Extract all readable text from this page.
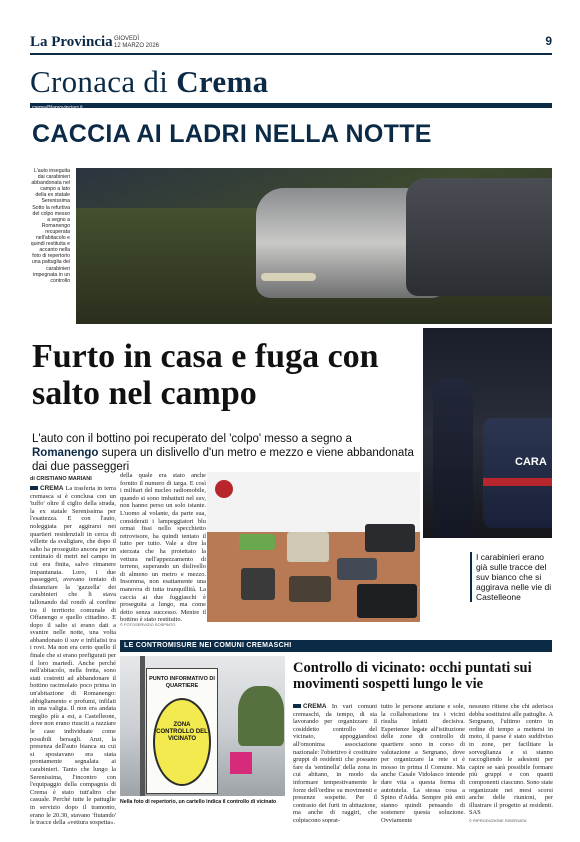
La Provincia GIOVEDÌ
12 MARZO 2026	9
Cronaca di Crema
crema@laprovinciacr.it
CACCIA AI LADRI NELLA NOTTE
L'auto inseguita dai carabinieri abbandonata nel campo a lato della ex statale Serenissima Sotto la refurtiva del colpo messo a segno a Romanengo recuperata nell'abitacolo e quindi restituita e accanto nella foto di repertorio una pattuglia dei carabinieri impegnata in un controllo
CARA
Furto in casa e fuga con salto nel campo
L'auto con il bottino poi recuperato del 'colpo' messo a segno a Romanengo supera un dislivello d'un metro e mezzo e viene abbandonata dai due passeggeri
di CRISTIANO MARIANI
CREMA La trasferta in terra cremasca si è conclusa con un 'tuffo' oltre il ciglio della strada, la ex statale Serenissima per l'esattezza. E con l'auto, noleggiata per aggirarsi nei quartieri residenziali in cerca di villette da svaligiare, che dopo il salto ha proseguito ancora per un centinaio di metri nel campo in cui era finita, salvo rimanere impantanata. Loro, i due passeggeri, avevano tentato di distanziare la 'gazzella' dei carabinieri che li stava tallonando dal rondò al confine tra il territorio comunale di Offanengo e quello cittadino. E dopo il salto si erano dati a svanire nelle notte, una volta abbandonato il suv e infilatisi tra i rovi. Ma non era certo quello il finale che si erano prefigurati per il loro martedì. Anche perché nell'abitacolo, nella fretta, sono stati costretti ad abbandonare il bottino racimolato poco prima in un'abitazione di Romanengo: abbigliamento e profumi, infilati in una valigia. Il non era andata meglio più a est, a Castelleone, dove non erano riusciti a razziare le case individuate come possibili bersagli. Anzi, la presenza dell'auto bianca su cui si spostavano era stata prontamente segnalata ai carabinieri. Tanto che lungo la Serenissima, l'incontro con l'equipaggio della compagnia di Crema è stato tutt'altro che casuale. Perché tutte le pattuglie in servizio dopo il tramonto, erano le 20.30, stavano 'fiutando' le tracce della «vettura sospetta».
della quale era stato anche fornito il numero di targa. E così i militari del nucleo radiomobile, quando si sono imbattuti nel suv, non hanno perso un solo istante. L'uomo al volante, da parte sua, considerati i lampeggiatori blu ormai fissi nello specchietto retrovisore, ha quindi tentato il tutto per tutto. Vale a dire la sterzata che ha proiettato la vettura nell'appezzamento di terreno, superando un dislivello di almeno un metro e mezzo. Insomma, non esattamente una manovra di tutta tranquillità. La caccia ai due fuggiaschi è proseguita a lungo, ma come detto senza successo. Mentre il bottino è stato restituito.
© FOTOSERVIZIO SOSPINTO
I carabinieri erano già sulle tracce del suv bianco che si aggirava nelle vie di Castelleone
LE CONTROMISURE NEI COMUNI CREMASCHI
PUNTO INFORMATIVO DI QUARTIERE
ZONA CONTROLLO DEL VICINATO
Nella foto di repertorio, un cartello indica il controllo di vicinato
Controllo di vicinato: occhi puntati sui movimenti sospetti lungo le vie
CREMA In vari comuni cremaschi, da tempo, di sta lavorando per organizzare il cosiddetto controllo del vicinato, appoggiandosi all'omonima associazione nazionale: l'obiettivo è costituire gruppi di residenti che possano fare da 'sentinella' della zona in cui abitano, in modo da informare tempestivamente le forze dell'ordine su movimenti e presenze sospette. Per il contrasto dei furti in abitazione, ma anche di raggiri, che colpiscono soprat-
tutto le persone anziane e sole, la collaborazione tra i vicini risulta infatti decisiva. Esperienze legate all'istituzione delle zone di controllo di quartiere sono in corso di valutazione a Sergnano, dove per organizzare la rete si è mosso in prima il Comune. Ma anche Casale Vidolasco intende dare vita a questa forma di autotutela. La stessa cosa a Spino d'Adda. Sempre più enti stanno quindi pensando di sostenere questa soluzione. Ovviamente
nessuno ritiene che chi aderisca debba sostituirsi alle pattuglie. A Sergnano, l'ultimo centro in ordine di tempo a mettersi in moto, il paese è stato suddiviso in zone, per facilitare la sorveglianza e si stanno raccogliendo le adesioni per capire se sarà possibile formare più gruppi e con quanti componenti ciascuno. Sono state organizzate nei mesi scorsi anche delle riunioni, per illustrare il progetto ai residenti. SAS
© RIPRODUZIONE RISERVATA
